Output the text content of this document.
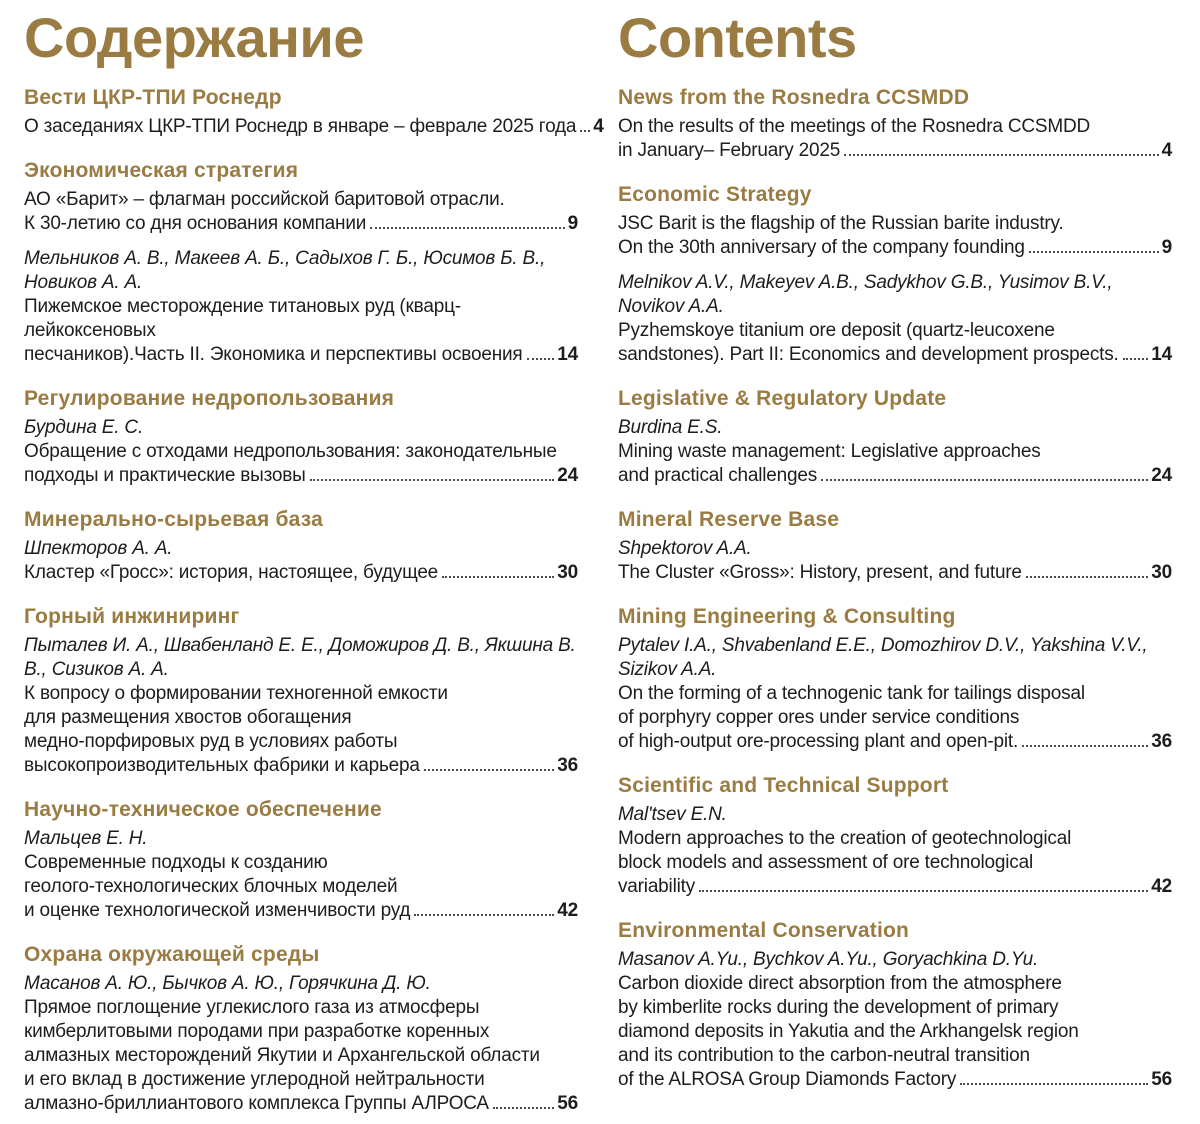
Содержание
Вести ЦКР-ТПИ Роснедр

О заседаниях ЦКР-ТПИ Роснедр в январе – феврале 2025 года 4

Экономическая стратегия

АО «Барит» – флагман российской баритовой отрасли.

К 30-летию со дня основания компании	9

Мельников А. В., Макеев А. Б., Садыхов Г. Б., Юсимов Б. В., Новиков А. А.

Пижемское месторождение титановых руд (кварц-лейкоксеновых

песчаников).Часть II. Экономика и перспективы освоения 14

Регулирование недропользования

Бурдина Е. С.

Обращение с отходами недропользования: законодательные

подходы и практические вызовы	24

Минерально-сырьевая база

Шпекторов А. А.

Кластер «Гросс»: история, настоящее, будущее	30

Горный инжиниринг

Пыталев И. А., Швабенланд Е. Е., Доможиров Д. В., Якшина В. В., Сизиков А. А.

К вопросу о формировании техногенной емкости

для размещения хвостов обогащения

медно-порфировых руд в условиях работы

высокопроизводительных фабрики и карьера	36

Научно-техническое обеспечение

Мальцев Е. Н.

Современные подходы к созданию

геолого-технологических блочных моделей

и оценке технологической изменчивости руд	42

Охрана окружающей среды

Масанов А. Ю., Бычков А. Ю., Горячкина Д. Ю.

Прямое поглощение углекислого газа из атмосферы

кимберлитовыми породами при разработке коренных

алмазных месторождений Якутии и Архангельской области

и его вклад в достижение углеродной нейтральности

алмазно-бриллиантового комплекса Группы АЛРОСА	56

Contents
News from the Rosnedra CCSMDD

On the results of the meetings of the Rosnedra CCSMDD

in January– February 2025	4

Economic Strategy

JSC Barit is the flagship of the Russian barite industry.

On the 30th anniversary of the company founding	9

Melnikov A.V., Makeyev A.B., Sadykhov G.B., Yusimov B.V., Novikov A.A.

Pyzhemskoye titanium ore deposit (quartz-leucoxene

sandstones). Part II: Economics and development prospects. 14

Legislative & Regulatory Update

Burdina E.S.

Mining waste management: Legislative approaches

and practical challenges	24

Mineral Reserve Base

Shpektorov A.A.

The Cluster «Gross»: History, present, and future	30

Mining Engineering & Consulting

Pytalev I.A., Shvabenland E.E., Domozhirov D.V., Yakshina V.V., Sizikov A.A.

On the forming of a technogenic tank for tailings disposal

of porphyry copper ores under service conditions

of high-output ore-processing plant and open-pit.	36

Scientific and Technical Support

Mal'tsev E.N.

Modern approaches to the creation of geotechnological

block models and assessment of ore technological

variability	42

Environmental Conservation

Masanov A.Yu., Bychkov A.Yu., Goryachkina D.Yu.

Carbon dioxide direct absorption from the atmosphere

by kimberlite rocks during the development of primary

diamond deposits in Yakutia and the Arkhangelsk region

and its contribution to the carbon-neutral transition

of the ALROSA Group Diamonds Factory	56
